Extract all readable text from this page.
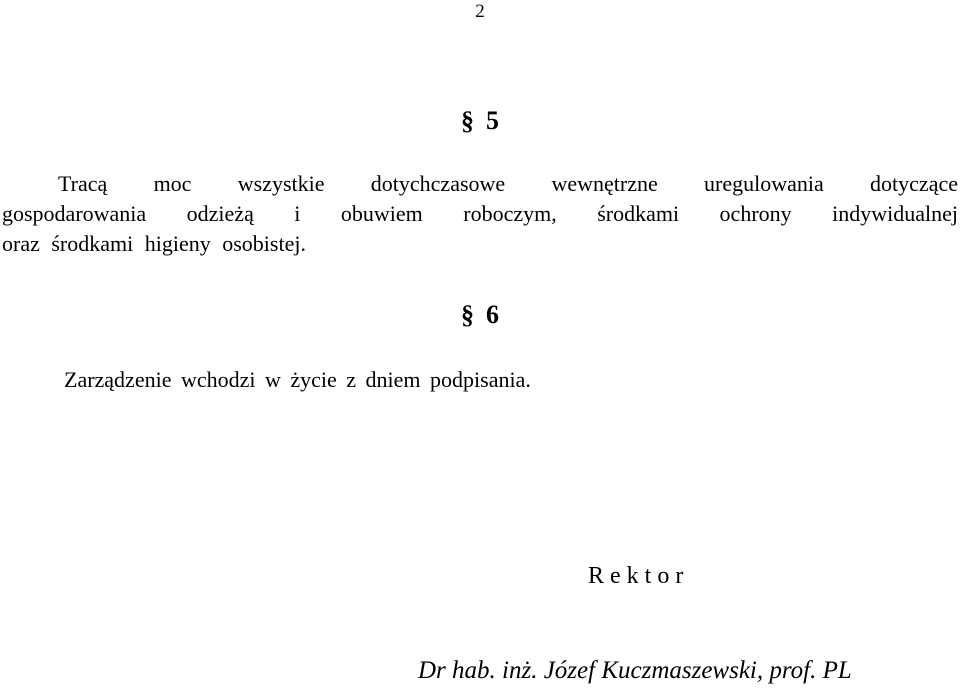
2
§ 5
Tracą moc wszystkie dotychczasowe wewnętrzne uregulowania dotyczące
gospodarowania odzieżą i obuwiem roboczym, środkami ochrony indywidualnej
oraz środkami higieny osobistej.
§ 6
Zarządzenie wchodzi w życie z dniem podpisania.
Rektor
Dr hab. inż. Józef Kuczmaszewski, prof. PL
